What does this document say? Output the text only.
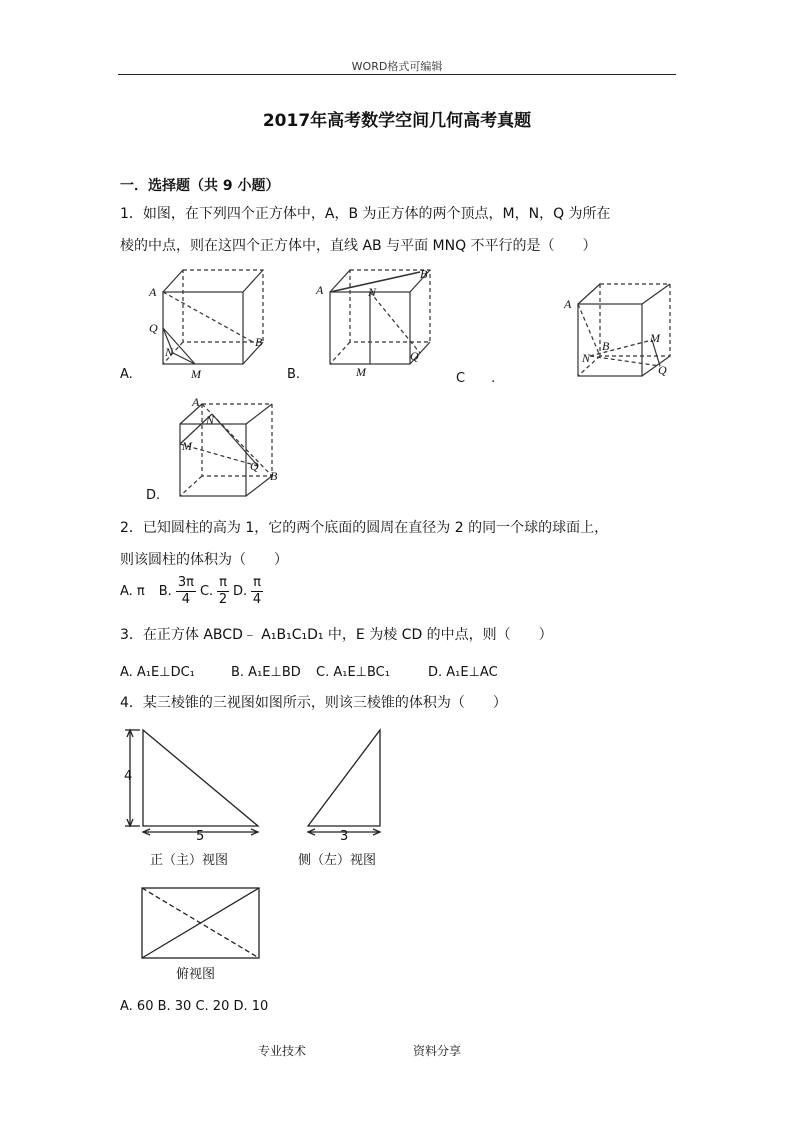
WORD格式可编辑
2017年高考数学空间几何高考真题
一．选择题（共 9 小题）
1．如图，在下列四个正方体中，A，B 为正方体的两个顶点，M，N，Q 为所在
棱的中点，则在这四个正方体中，直线 AB 与平面 MNQ 不平行的是（　　）
A.
A
B
Q
N
M	B.
A
B
N
M
Q
C　　.
A
B
N
M
Q
D.
A
N
M
Q
B
2．已知圆柱的高为 1，它的两个底面的圆周在直径为 2 的同一个球的球面上，
则该圆柱的体积为（　　）
A. π B. $\frac{3\pi}{4} C$. $\frac{\pi}{2} D$. $\frac{\pi}{4}$
3．在正方体 ABCD﹣ A₁B₁C₁D₁ 中，E 为棱 CD 的中点，则（　　）
A. A₁E⊥DC₁	B. A₁E⊥BD C. A₁E⊥BC₁	D. A₁E⊥AC
4．某三棱锥的三视图如图所示，则该三棱锥的体积为（　　）
4
5	3
正（主）视图	侧（左）视图
俯视图
A. 60 B. 30 C. 20 D. 10
专业技术	资料分享
